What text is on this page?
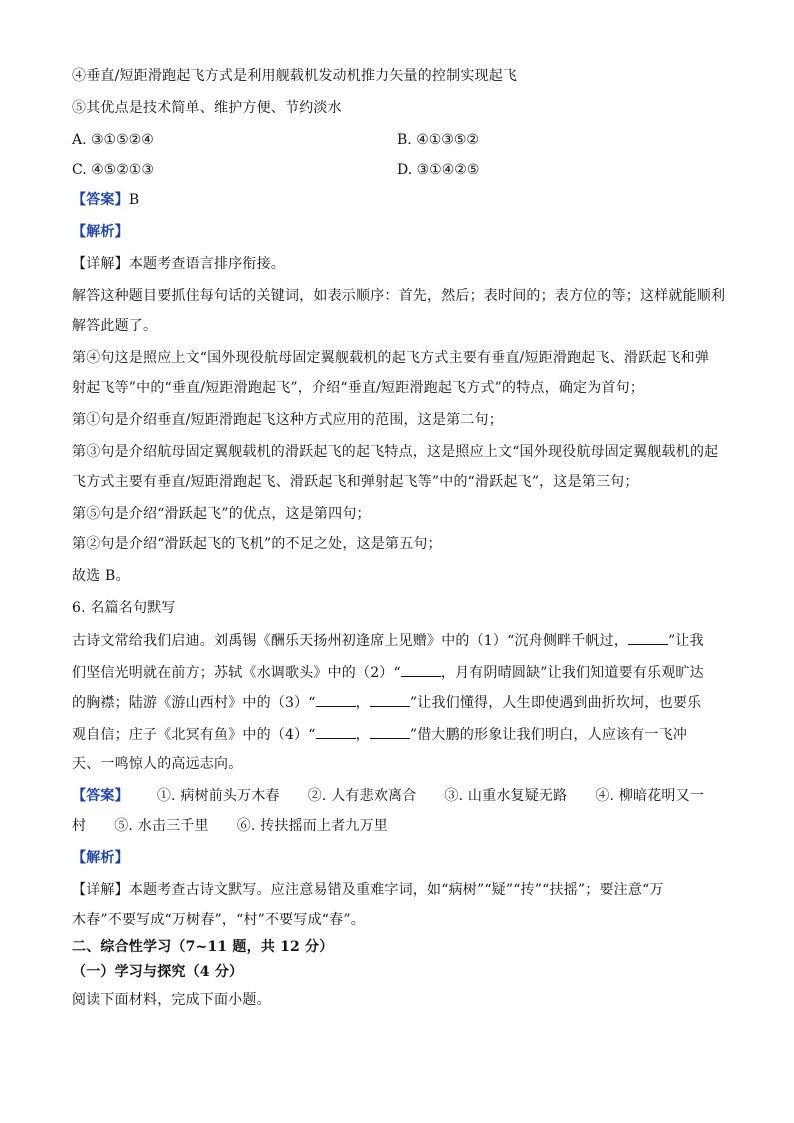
④垂直/短距滑跑起飞方式是利用舰载机发动机推力矢量的控制实现起飞
⑤其优点是技术简单、维护方便、节约淡水
A. ③①⑤②④	B. ④①③⑤②
C. ④⑤②①③	D. ③①④②⑤
【答案】B
【解析】
【详解】本题考查语言排序衔接。
解答这种题目要抓住每句话的关键词，如表示顺序：首先，然后；表时间的；表方位的等；这样就能顺利
解答此题了。
第④句这是照应上文“国外现役航母固定翼舰载机的起飞方式主要有垂直/短距滑跑起飞、滑跃起飞和弹
射起飞等”中的“垂直/短距滑跑起飞”，介绍“垂直/短距滑跑起飞方式”的特点，确定为首句；
第①句是介绍垂直/短距滑跑起飞这种方式应用的范围，这是第二句；
第③句是介绍航母固定翼舰载机的滑跃起飞的起飞特点，这是照应上文“国外现役航母固定翼舰载机的起
飞方式主要有垂直/短距滑跑起飞、滑跃起飞和弹射起飞等”中的“滑跃起飞”，这是第三句；
第⑤句是介绍“滑跃起飞”的优点，这是第四句；
第②句是介绍“滑跃起飞的飞机”的不足之处，这是第五句；
故选 B。
6. 名篇名句默写
古诗文常给我们启迪。刘禹锡《酬乐天扬州初逢席上见赠》中的（1）“沉舟侧畔千帆过，	”让我
们坚信光明就在前方；苏轼《水调歌头》中的（2）“	，月有阴晴圆缺”让我们知道要有乐观旷达
的胸襟；陆游《游山西村》中的（3）“	，	”让我们懂得，人生即使遇到曲折坎坷，也要乐
观自信；庄子《北冥有鱼》中的（4）“	，	”借大鹏的形象让我们明白，人应该有一飞冲
天、一鸣惊人的高远志向。
【答案】 ①. 病树前头万木春 ②. 人有悲欢离合 ③. 山重水复疑无路 ④. 柳暗花明又一
村 ⑤. 水击三千里 ⑥. 抟扶摇而上者九万里
【解析】
【详解】本题考查古诗文默写。应注意易错及重难字词，如“病树”“疑”“抟”“扶摇”；要注意“万
木春”不要写成“万树春”，“村”不要写成“春”。
二、综合性学习（7~11 题，共 12 分）
（一）学习与探究（4 分）
阅读下面材料，完成下面小题。
